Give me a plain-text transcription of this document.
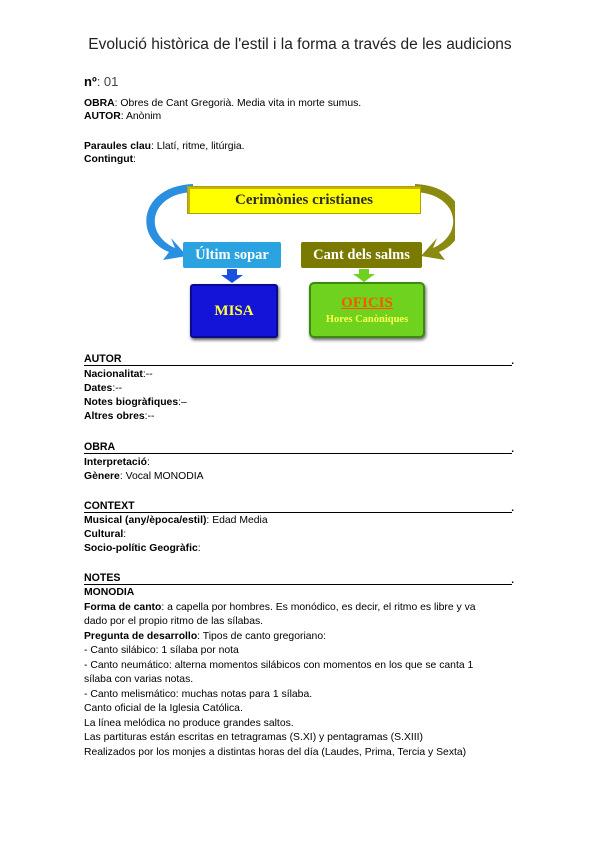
Evolució històrica de l'estil i la forma a través de les audicions
nº: 01
OBRA: Obres de Cant Gregorià. Media vita in morte sumus.
AUTOR: Anònim
Paraules clau: Llatí, ritme, litúrgia.
Contingut:
Cerimònies cristianes
Últim sopar	Cant dels salms
MISA	OFICIS
Hores Canòniques
AUTOR	.
Nacionalitat:--
Dates:--
Notes biogràfiques:–
Altres obres:--
OBRA	.
Interpretació:
Gènere: Vocal MONODIA
CONTEXT	.
Musical (any/època/estil): Edad Media
Cultural:
Socio-polític Geogràfic:
NOTES	.
MONODIA
Forma de canto: a capella por hombres. Es monódico, es decir, el ritmo es libre y va
dado por el propio ritmo de las sílabas.
Pregunta de desarrollo: Tipos de canto gregoriano:
- Canto silábico: 1 sílaba por nota
- Canto neumático: alterna momentos silábicos con momentos en los que se canta 1
sílaba con varias notas.
- Canto melismático: muchas notas para 1 sílaba.
Canto oficial de la Iglesia Católica.
La línea melódica no produce grandes saltos.
Las partituras están escritas en tetragramas (S.XI) y pentagramas (S.XIII)
Realizados por los monjes a distintas horas del día (Laudes, Prima, Tercia y Sexta)
